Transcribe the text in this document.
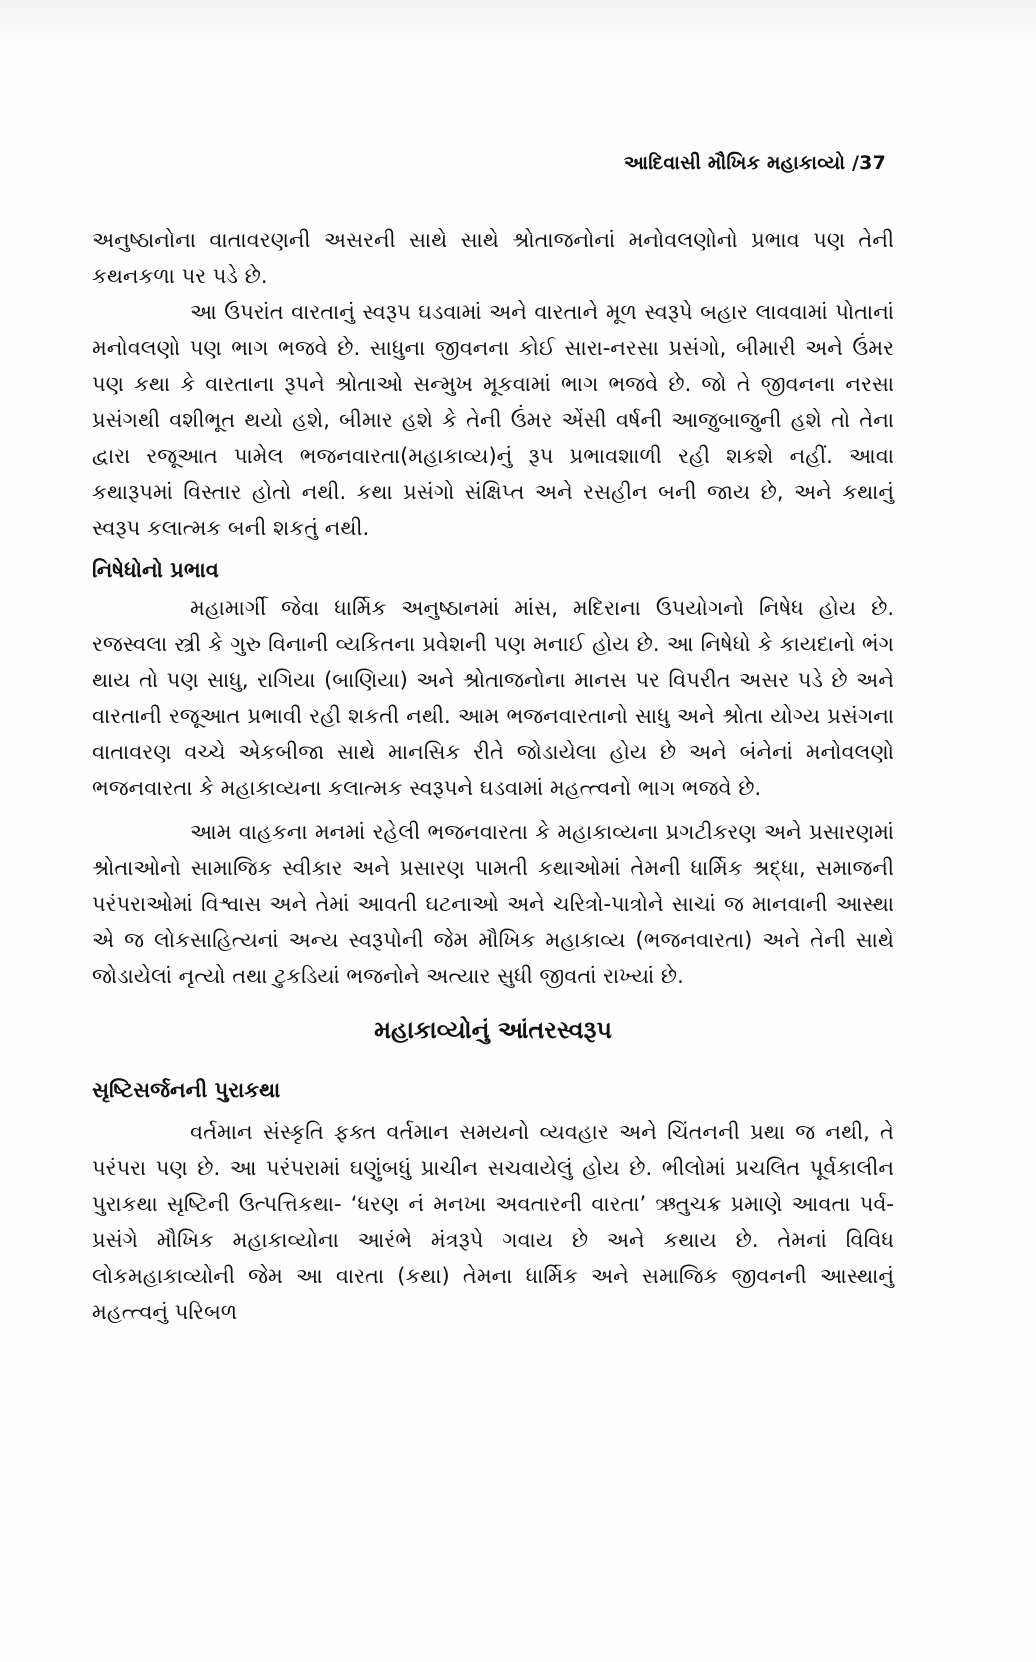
આદિવાસી મૌખિક મહાકાવ્યો /37

અનુષ્ઠાનોના વાતાવરણની અસરની સાથે સાથે શ્રોતાજનોનાં મનોવલણોનો પ્રભાવ પણ તેની કથનકળા પર પડે છે.

આ ઉપરાંત વારતાનું સ્વરૂપ ઘડવામાં અને વારતાને મૂળ સ્વરૂપે બહાર લાવવામાં પોતાનાં મનોવલણો પણ ભાગ ભજવે છે. સાધુના જીવનના કોઈ સારા-નરસા પ્રસંગો, બીમારી અને ઉંમર પણ કથા કે વારતાના રૂપને શ્રોતાઓ સન્મુખ મૂકવામાં ભાગ ભજવે છે. જો તે જીવનના નરસા પ્રસંગથી વશીભૂત થયો હશે, બીમાર હશે કે તેની ઉંમર એંસી વર્ષની આજુબાજુની હશે તો તેના દ્વારા રજૂઆત પામેલ ભજનવારતા(મહાકાવ્ય)નું રૂપ પ્રભાવશાળી રહી શકશે નહીં. આવા કથારૂપમાં વિસ્તાર હોતો નથી. કથા પ્રસંગો સંક્ષિપ્ત અને રસહીન બની જાય છે, અને કથાનું સ્વરૂપ કલાત્મક બની શકતું નથી.

નિષેધોનો પ્રભાવ

મહામાર્ગી જેવા ધાર્મિક અનુષ્ઠાનમાં માંસ, મદિરાના ઉપયોગનો નિષેધ હોય છે. રજસ્વલા સ્ત્રી કે ગુરુ વિનાની વ્યકિતના પ્રવેશની પણ મનાઈ હોય છે. આ નિષેધો કે કાયદાનો ભંગ થાય તો પણ સાધુ, રાગિયા (બાણિયા) અને શ્રોતાજનોના માનસ પર વિપરીત અસર પડે છે અને વારતાની રજૂઆત પ્રભાવી રહી શકતી નથી. આમ ભજનવારતાનો સાધુ અને શ્રોતા યોગ્ય પ્રસંગના વાતાવરણ વચ્ચે એકબીજા સાથે માનસિક રીતે જોડાયેલા હોય છે અને બંનેનાં મનોવલણો ભજનવારતા કે મહાકાવ્યના કલાત્મક સ્વરૂપને ઘડવામાં મહત્ત્વનો ભાગ ભજવે છે.

આમ વાહકના મનમાં રહેલી ભજનવારતા કે મહાકાવ્યના પ્રગટીકરણ અને પ્રસારણમાં શ્રોતાઓનો સામાજિક સ્વીકાર અને પ્રસારણ પામતી કથાઓમાં તેમની ધાર્મિક શ્રદ્ધા, સમાજની પરંપરાઓમાં વિશ્વાસ અને તેમાં આવતી ઘટનાઓ અને ચરિત્રો-પાત્રોને સાચાં જ માનવાની આસ્થા એ જ લોકસાહિત્યનાં અન્ય સ્વરૂપોની જેમ મૌખિક મહાકાવ્ય (ભજનવારતા) અને તેની સાથે જોડાયેલાં નૃત્યો તથા ટુકડિયાં ભજનોને અત્યાર સુધી જીવતાં રાખ્યાં છે.

મહાકાવ્યોનું આંતરસ્વરૂપ
સૃષ્ટિસર્જનની પુરાકથા

વર્તમાન સંસ્કૃતિ ફક્ત વર્તમાન સમયનો વ્યવહાર અને ચિંતનની પ્રથા જ નથી, તે પરંપરા પણ છે. આ પરંપરામાં ઘણુંબધું પ્રાચીન સચવાયેલું હોય છે. ભીલોમાં પ્રચલિત પૂર્વકાલીન પુરાકથા સૃષ્ટિની ઉત્પત્તિકથા- ‘ધરણ નં મનખા અવતારની વારતા’ ઋતુચક્ર પ્રમાણે આવતા પર્વ-પ્રસંગે મૌખિક મહાકાવ્યોના આરંભે મંત્રરૂપે ગવાય છે અને કથાય છે. તેમનાં વિવિધ લોકમહાકાવ્યોની જેમ આ વારતા (કથા) તેમના ધાર્મિક અને સમાજિક જીવનની આસ્થાનું મહત્ત્વનું પરિબળ
